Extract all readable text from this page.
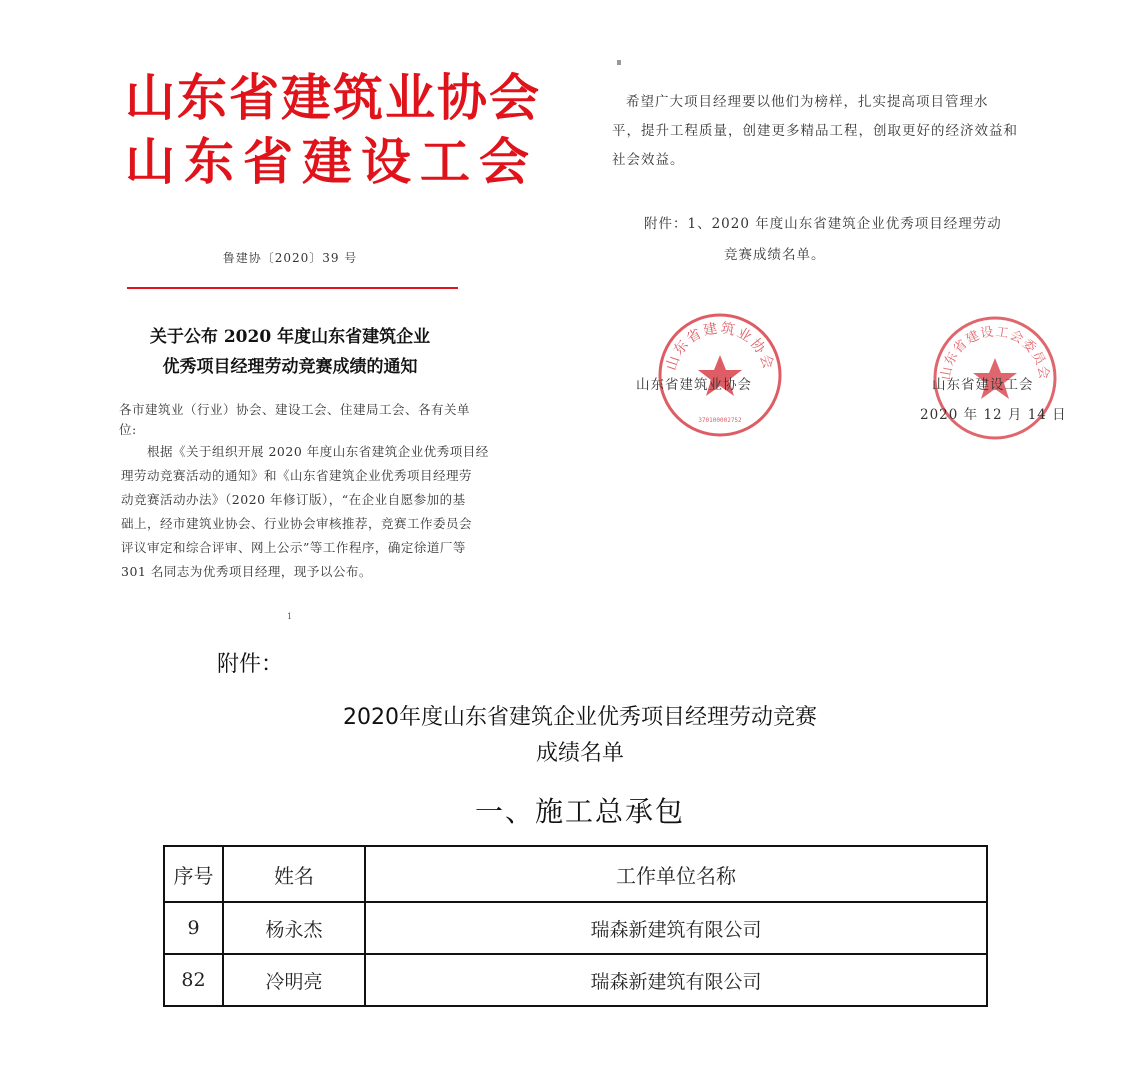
山东省建筑业协会
山东省建设工会
鲁建协〔2020〕39 号
关于公布 2020 年度山东省建筑企业
优秀项目经理劳动竞赛成绩的通知
各市建筑业（行业）协会、建设工会、住建局工会、各有关单
位:
根据《关于组织开展 2020 年度山东省建筑企业优秀项目经
理劳动竞赛活动的通知》和《山东省建筑企业优秀项目经理劳
动竞赛活动办法》（2020 年修订版），“在企业自愿参加的基
础上，经市建筑业协会、行业协会审核推荐，竞赛工作委员会
评议审定和综合评审、网上公示”等工作程序，确定徐道厂等
301 名同志为优秀项目经理，现予以公布。
1
希望广大项目经理要以他们为榜样，扎实提高项目管理水
平，提升工程质量，创建更多精品工程，创取更好的经济效益和
社会效益。
附件：1、2020 年度山东省建筑企业优秀项目经理劳动
竞赛成绩名单。
山东省建筑业协会
370100002752
山东省建筑业协会
山东省建设工会委员会
山东省建设工会
2020 年 12 月 14 日
附件：
2020年度山东省建筑企业优秀项目经理劳动竞赛
成绩名单
一、施工总承包
序号	姓名	工作单位名称
9	杨永杰	瑞森新建筑有限公司
82	冷明亮	瑞森新建筑有限公司
